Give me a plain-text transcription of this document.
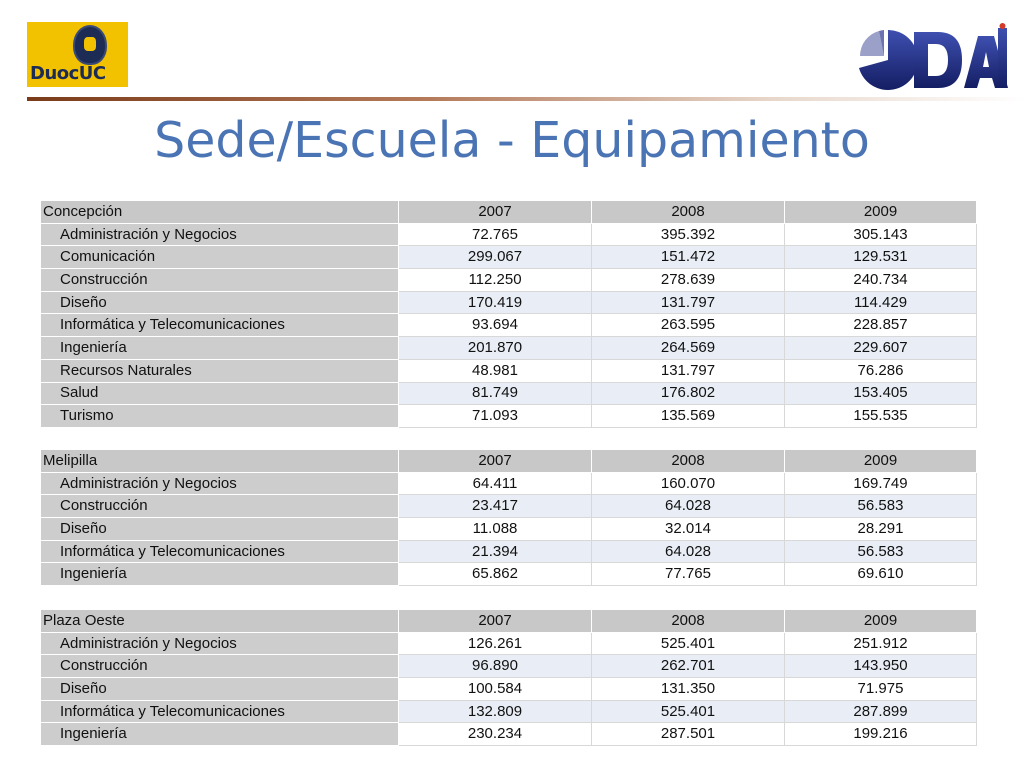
DuocUC
Sede/Escuela - Equipamiento
Concepción	2007	2008	2009
Administración y Negocios	72.765	395.392	305.143
Comunicación	299.067	151.472	129.531
Construcción	112.250	278.639	240.734
Diseño	170.419	131.797	114.429
Informática y Telecomunicaciones	93.694	263.595	228.857
Ingeniería	201.870	264.569	229.607
Recursos Naturales	48.981	131.797	76.286
Salud	81.749	176.802	153.405
Turismo	71.093	135.569	155.535
Melipilla	2007	2008	2009
Administración y Negocios	64.411	160.070	169.749
Construcción	23.417	64.028	56.583
Diseño	11.088	32.014	28.291
Informática y Telecomunicaciones	21.394	64.028	56.583
Ingeniería	65.862	77.765	69.610
Plaza Oeste	2007	2008	2009
Administración y Negocios	126.261	525.401	251.912
Construcción	96.890	262.701	143.950
Diseño	100.584	131.350	71.975
Informática y Telecomunicaciones	132.809	525.401	287.899
Ingeniería	230.234	287.501	199.216
